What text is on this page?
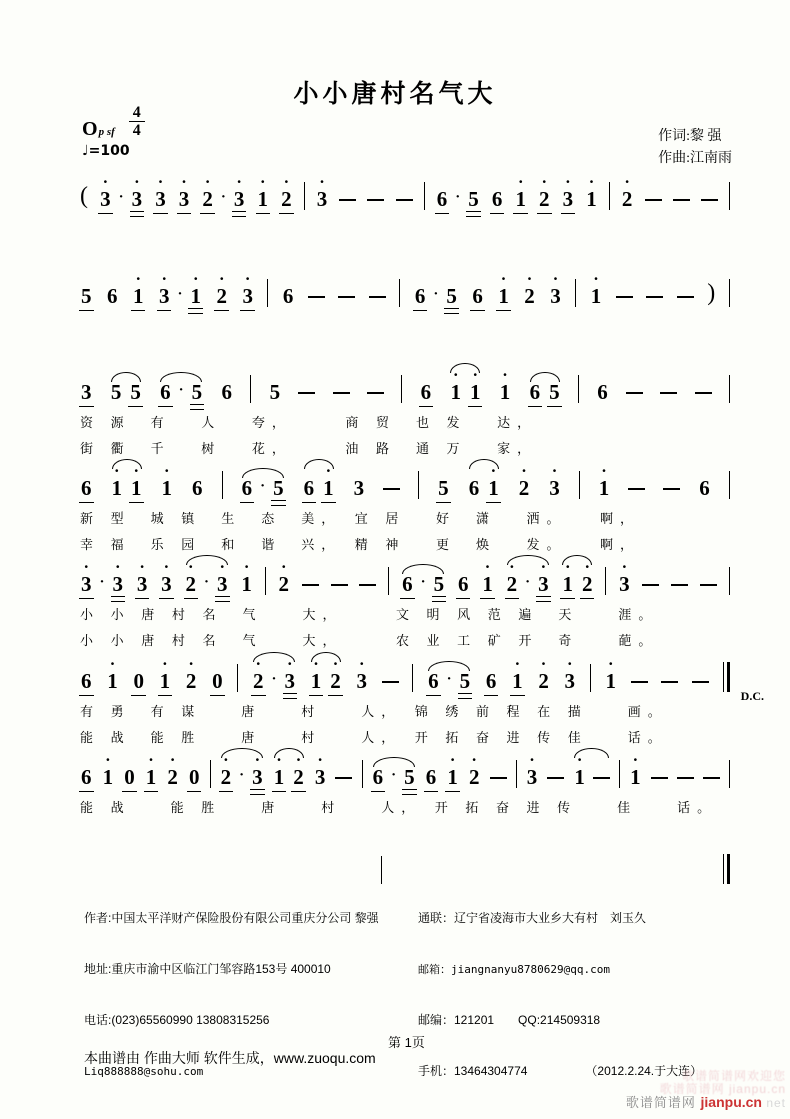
小小唐村名气大
O p sf $\frac{4}{4}$
♩=100
作词:黎 强
作曲:江南雨
(
•
3 ·
•
3
•
3
•
3
•
2 ·
•
3
•
1
•
2
•
3	6 · 5 6
•
1
•
2
•
3
•
1
•
2
5 6
•
1
•
3 ·
•
1
•
2
•
3 6	6 · 5 6
•
1
•
2
•
3
•
1	)
3 5 5 6 · 5 6 5	6
•
1
•
1
•
1 6 5 6
资 源　有　 人　 夸，　　　商 贸　也 发　 达，
街 衢　千　 树　 花，　　　油 路　通 万　 家，
6
•
1
•
1
•
1 6 6 · 5 6
•
1 3	5 6
•
1
•
2
•
3
•
1	6
新 型　城 镇　生　态　美，　宜 居　 好　潇　 洒。　　啊，
幸 福　乐 园　和　谐　兴，　精 神　 更　焕　 发。　　啊，
•
3 ·
•
3
•
3
•
3
•
2 ·
•
3
•
1
•
2	6 · 5 6
•
1
•
2 ·
•
3
•
1
•
2
•
3
小 小 唐 村 名　气　　大，　　　文 明 风 范 遍　天　　涯。
小 小 唐 村 名　气　　大，　　　农 业 工 矿 开　奇　　葩。
6
•
1 0
•
1
•
2 0
•
2 ·
•
3
•
1
•
2
•
3	6 · 5 6
•
1
•
2
•
3
•
1
D.C.
有 勇　有 谋　　唐　　村　　人，　锦 绣 前 程 在 描　　画。
能 战　能 胜　　唐　　村　　人，　开 拓 奋 进 传 佳　　话。
6
•
1 0
•
1
•
2 0
•
2 ·
•
3
•
1
•
2
•
3 6 · 5 6
•
1
•
2
•
3
•
1
•
1
能 战　　能 胜　　唐　　村　　人，　开 拓 奋 进 传　　佳　　话。

作者:中国太平洋财产保险股份有限公司重庆分公司 黎强

地址:重庆市渝中区临江门邹容路153号 400010

电话:(023)65560990 13808315256

Liq888888@sohu.com

通联：辽宁省凌海市大业乡大有村　刘玉久

邮箱：jiangnanyu8780629@qq.com

邮编：121201　　QQ:214509318

手机：13464304774	（2012.2.24.于大连）

第 1页
本曲谱由 作曲大师 软件生成，www.zuoqu.com
歌谱简谱网欢迎您
歌谱简谱网 jianpu.cn
歌谱简谱网 jianpu.cn net
